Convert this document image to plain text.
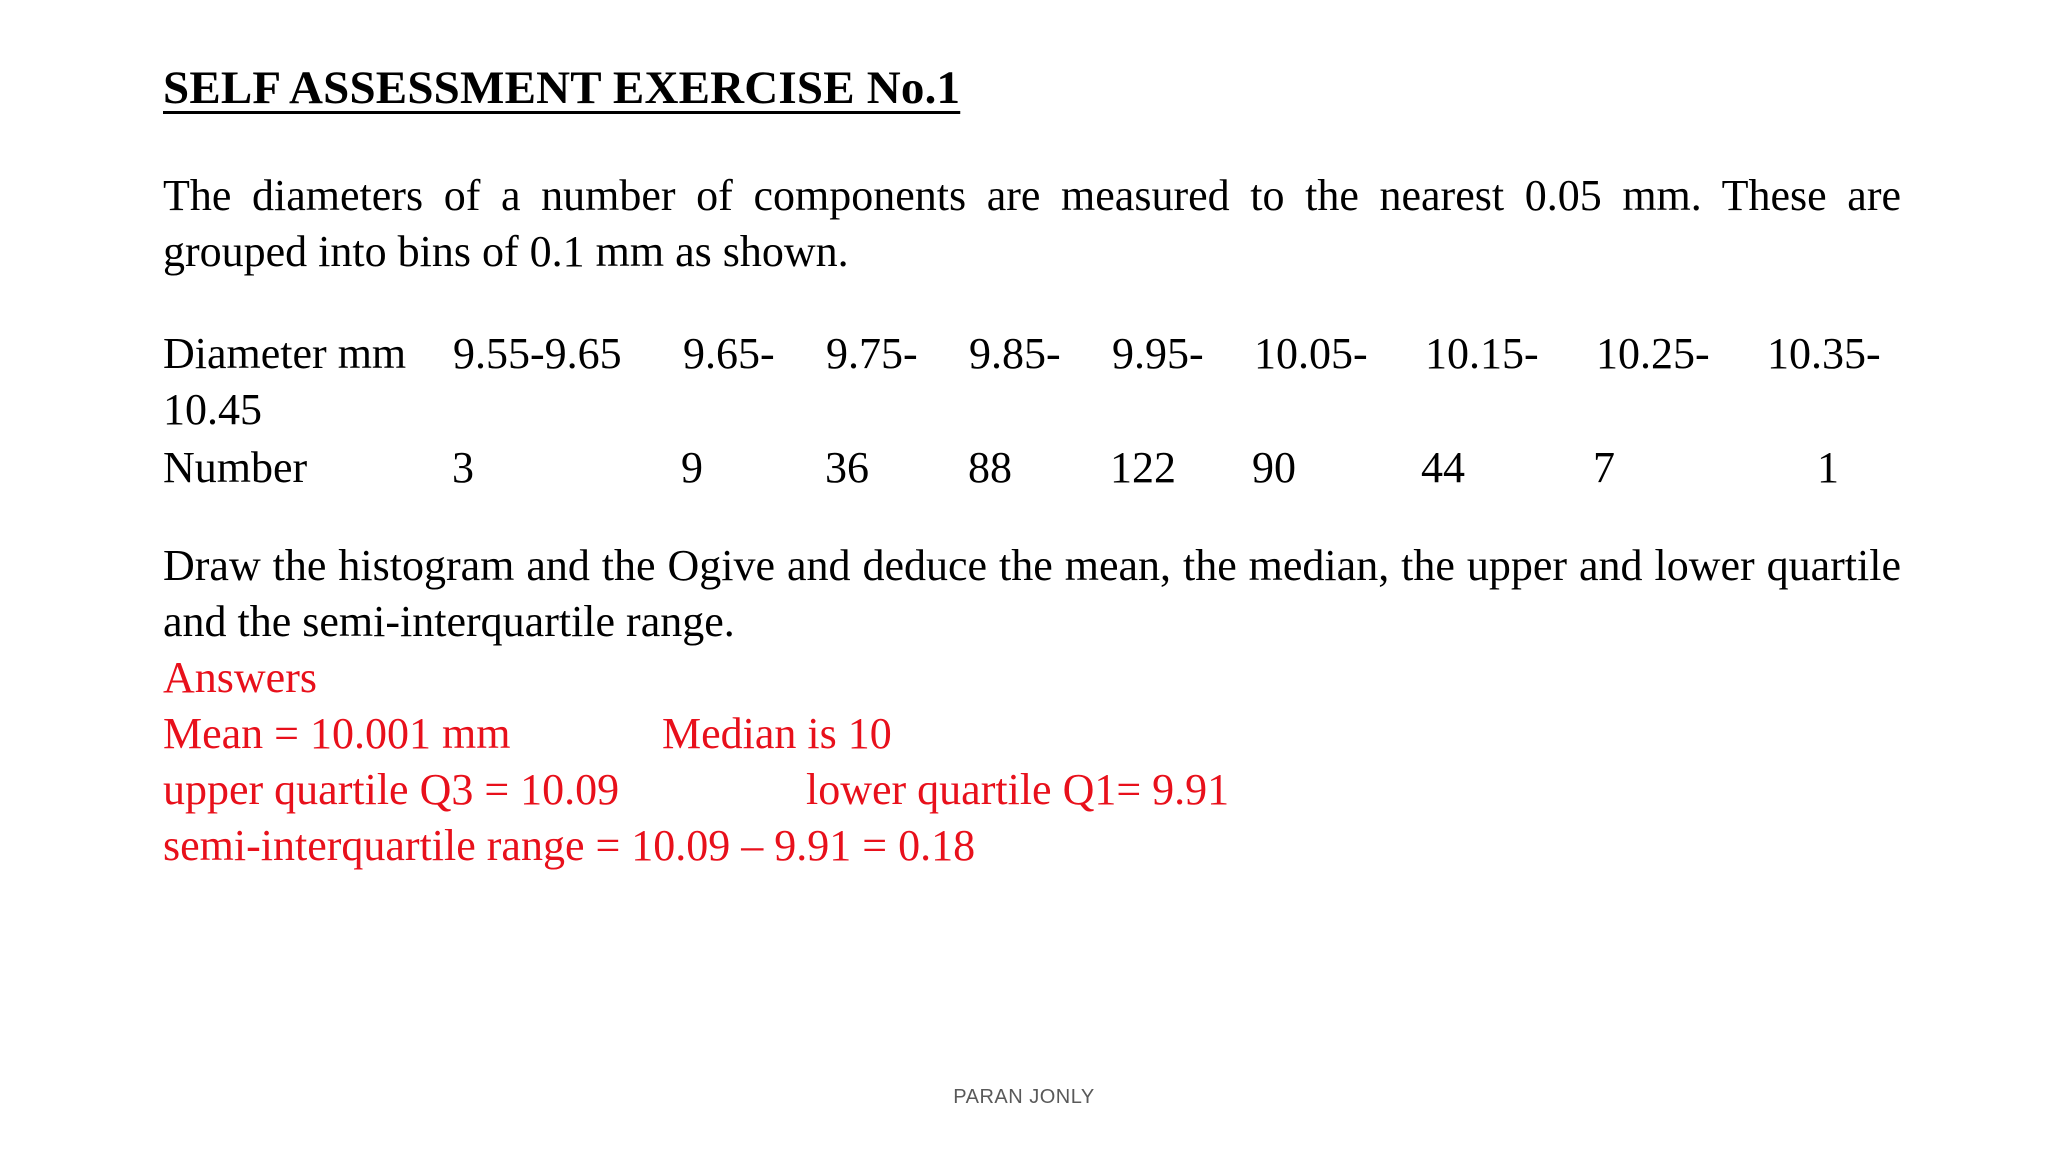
SELF ASSESSMENT EXERCISE No.1

The diameters of a number of components are measured to the nearest 0.05 mm. These are grouped into bins of 0.1 mm as shown.

Diameter mm 9.55-9.65 9.65- 9.75- 9.85- 9.95- 10.05- 10.15- 10.25- 10.35-
10.45
Number	3	9	36 88 122 90	44	7	1

Draw the histogram and the Ogive and deduce the mean, the median, the upper and lower quartile and the semi-interquartile range.

Answers
Mean = 10.001 mm	Median is 10
upper quartile Q3 = 10.09	lower quartile Q1= 9.91
semi-interquartile range = 10.09 – 9.91 = 0.18
PARAN JONLY
